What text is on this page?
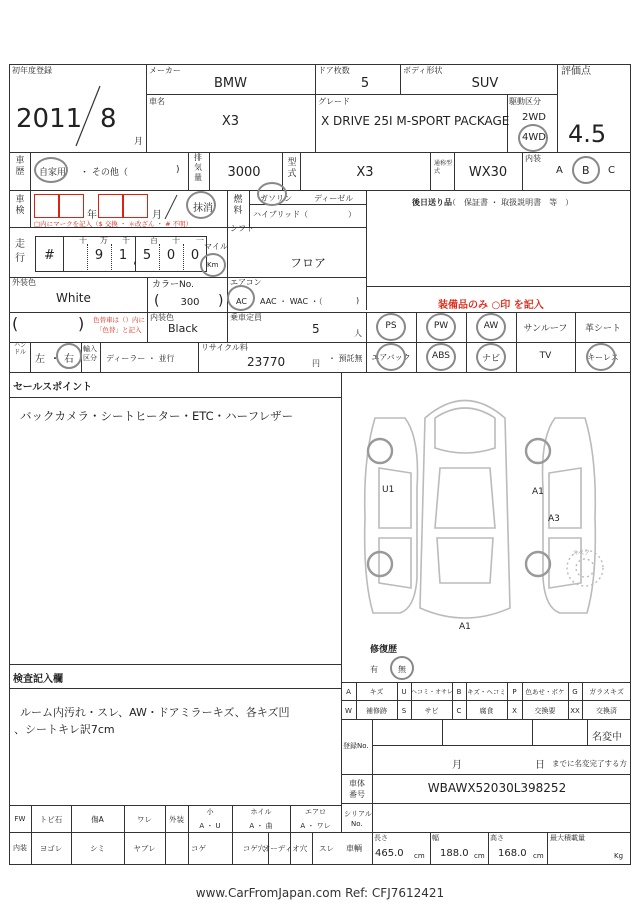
初年度登録
2011 8
月
メーカー
BMW
ドア枚数
5
ボディ形状
SUV
評価点
4.5
車名
X3
グレード
X DRIVE 25I M-SPORT PACKAGE
駆動区分
2WD
4WD
車歴 自家用 ・ その他（	)
排気量	3000
型式	X3
通称型式	WX30
内装
A B C
車検	年	月
抹消
□内にマークを記入（$ 交換 ・ ＊改ざん ・ # 不明）
燃料
ガソリン	ディーゼル
ハイブリッド （　　　　　）
後日送り品
（　保証書 ・ 取扱説明書　等　）
走行	#
十 万 千	百 十 一
9	1 , 5	0	0
マイル
Km
シフト
フロア
外装色
White
カラーNo.
(	300	)
エアコン
AC ・ AAC ・ WAC ・（	)	装備品のみ ○印 を記入
(	) 色替車は（）内に
「色替」と記入
内装色
Black
乗車定員
5	人
PS	PW	AW	サンルーフ	革シート
ハンドル
左 ・ 右
輸入区分 ディーラー ・ 並行
リサイクル料
23770	円
・ 預託無	エアバック	ABS	ナビ	TV	キーレス
セールスポイント
バックカメラ・シートヒーター・ETC・ハーフレザー
U1	A1
A3
A1
スペア
修復歴
有	無
検査記入欄
ルーム内汚れ・スレ、AW・ドアミラーキズ、各キズ凹
、シートキレ訳7cm
A	キズ	U ヘコミ・オサレ B キズ・ヘコミ P	色あせ・ボケ	G	ガラスキズ
W	補修跡	S	サビ	C	腐食	X	交換要	XX	交換済
登録No.
名変中
月	日 までに名変完了する方
車体
番号	WBAWX52030L398252
シリアル
No.
FW	トビ石	傷A	ワレ	外装
小	ホイル	エアロ
A ・ U	A ・ 曲	A ・ ワレ
内装	ヨゴレ	シミ	ヤブレ	コゲ	コゲ穴
オーディオ穴	スレ	車輌
長さ
465.0 cm
幅
188.0 cm
高さ
168.0 cm
最大積載量
Kg
www.CarFromJapan.com Ref: CFJ7612421
